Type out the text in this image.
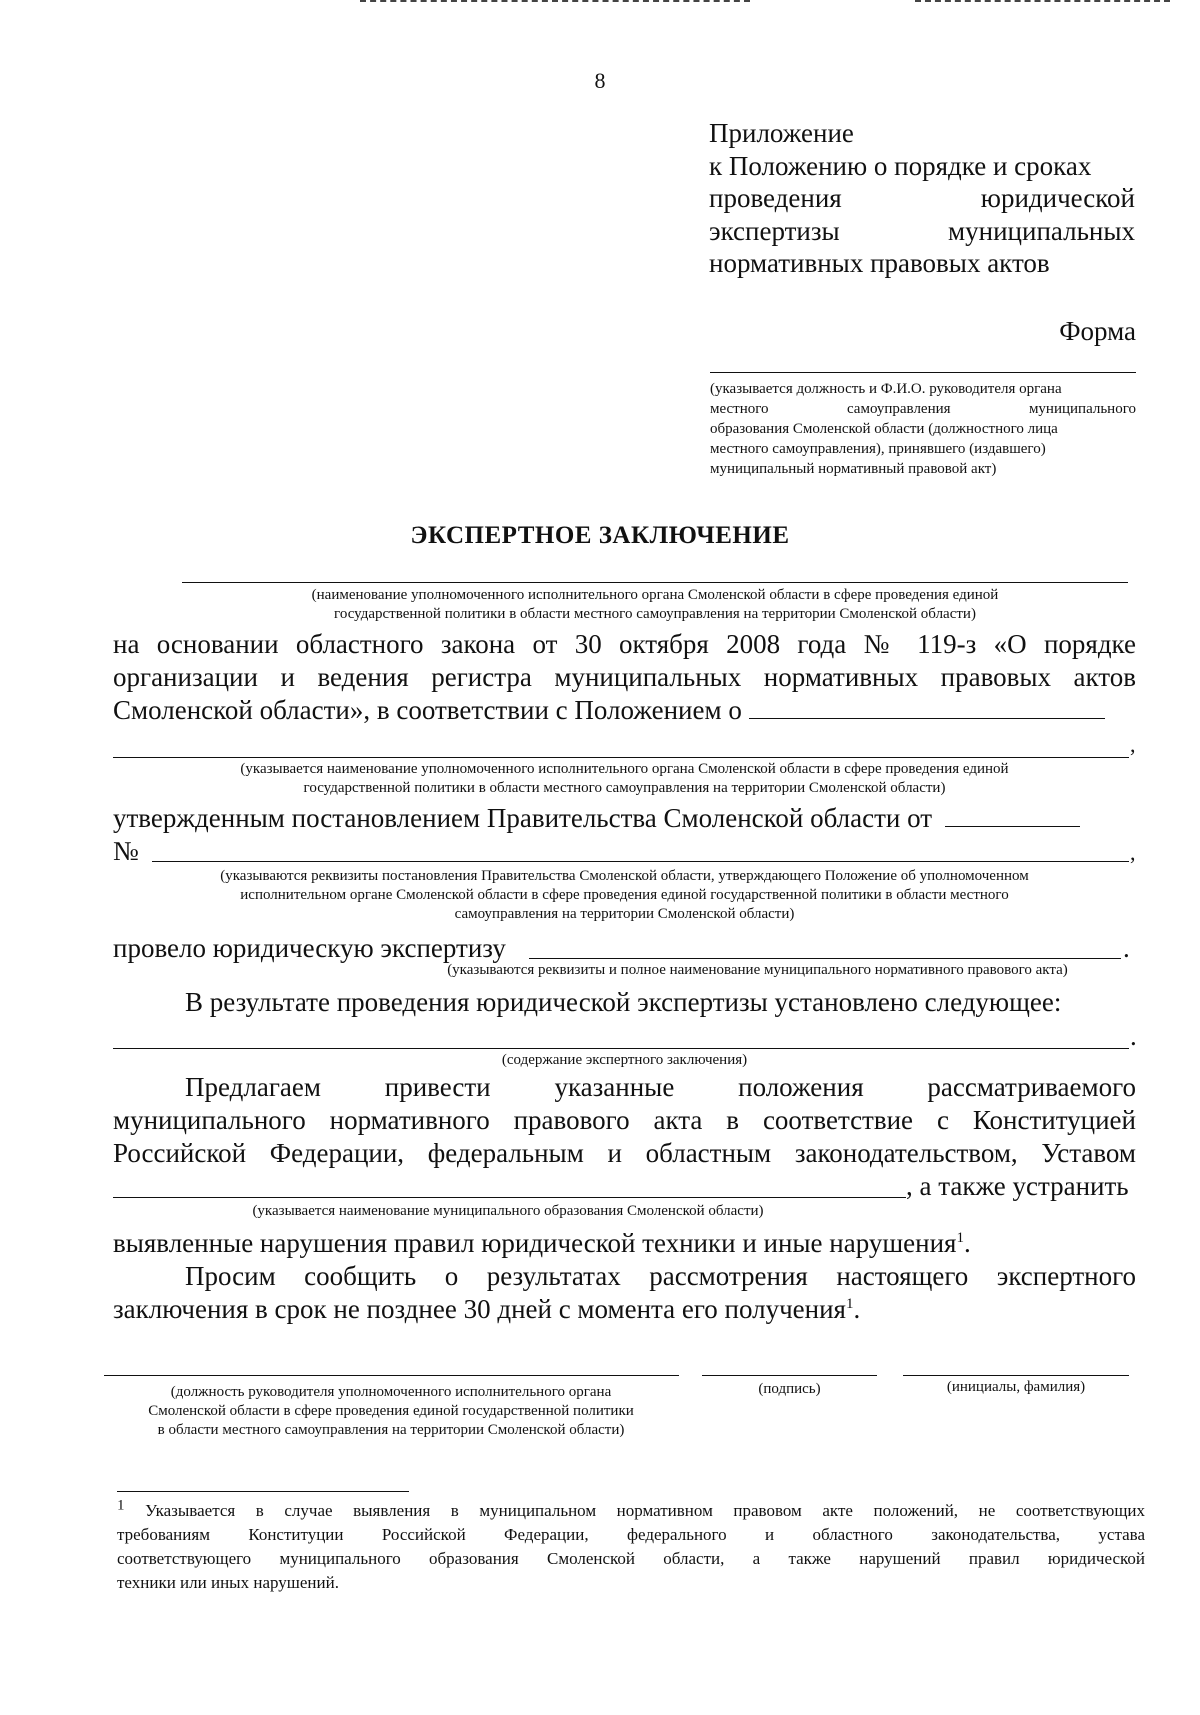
8
Приложение
к Положению о порядке и сроках
проведения юридической
экспертизы муниципальных
нормативных правовых актов
Форма
(указывается должность и Ф.И.О. руководителя органа
местного самоуправления муниципального
образования Смоленской области (должностного лица
местного самоуправления), принявшего (издавшего)
муниципальный нормативный правовой акт)
ЭКСПЕРТНОЕ ЗАКЛЮЧЕНИЕ
(наименование уполномоченного исполнительного органа Смоленской области в сфере проведения единой
государственной политики в области местного самоуправления на территории Смоленской области)
на основании областного закона от 30 октября 2008 года № 119-з «О порядке
организации и ведения регистра муниципальных нормативных правовых актов
Смоленской области», в соответствии с Положением о
,
(указывается наименование уполномоченного исполнительного органа Смоленской области в сфере проведения единой
государственной политики в области местного самоуправления на территории Смоленской области)
утвержденным постановлением Правительства Смоленской области от
№	,
(указываются реквизиты постановления Правительства Смоленской области, утверждающего Положение об уполномоченном
исполнительном органе Смоленской области в сфере проведения единой государственной политики в области местного
самоуправления на территории Смоленской области)
провело юридическую экспертизу	.
(указываются реквизиты и полное наименование муниципального нормативного правового акта)
В результате проведения юридической экспертизы установлено следующее:
.
(содержание экспертного заключения)
Предлагаем привести указанные положения рассматриваемого
муниципального нормативного правового акта в соответствие с Конституцией
Российской Федерации, федеральным и областным законодательством, Уставом
, а также устранить
(указывается наименование муниципального образования Смоленской области)
выявленные нарушения правил юридической техники и иные нарушения$^1$.
Просим сообщить о результатах рассмотрения настоящего экспертного
заключения в срок не позднее 30 дней с момента его получения$^1$.
(должность руководителя уполномоченного исполнительного органа
Смоленской области в сфере проведения единой государственной политики
в области местного самоуправления на территории Смоленской области)
(подпись)	(инициалы, фамилия)
$^1$ Указывается в случае выявления в муниципальном нормативном правовом акте положений, не соответствующих
требованиям Конституции Российской Федерации, федерального и областного законодательства, устава
соответствующего муниципального образования Смоленской области, а также нарушений правил юридической
техники или иных нарушений.
